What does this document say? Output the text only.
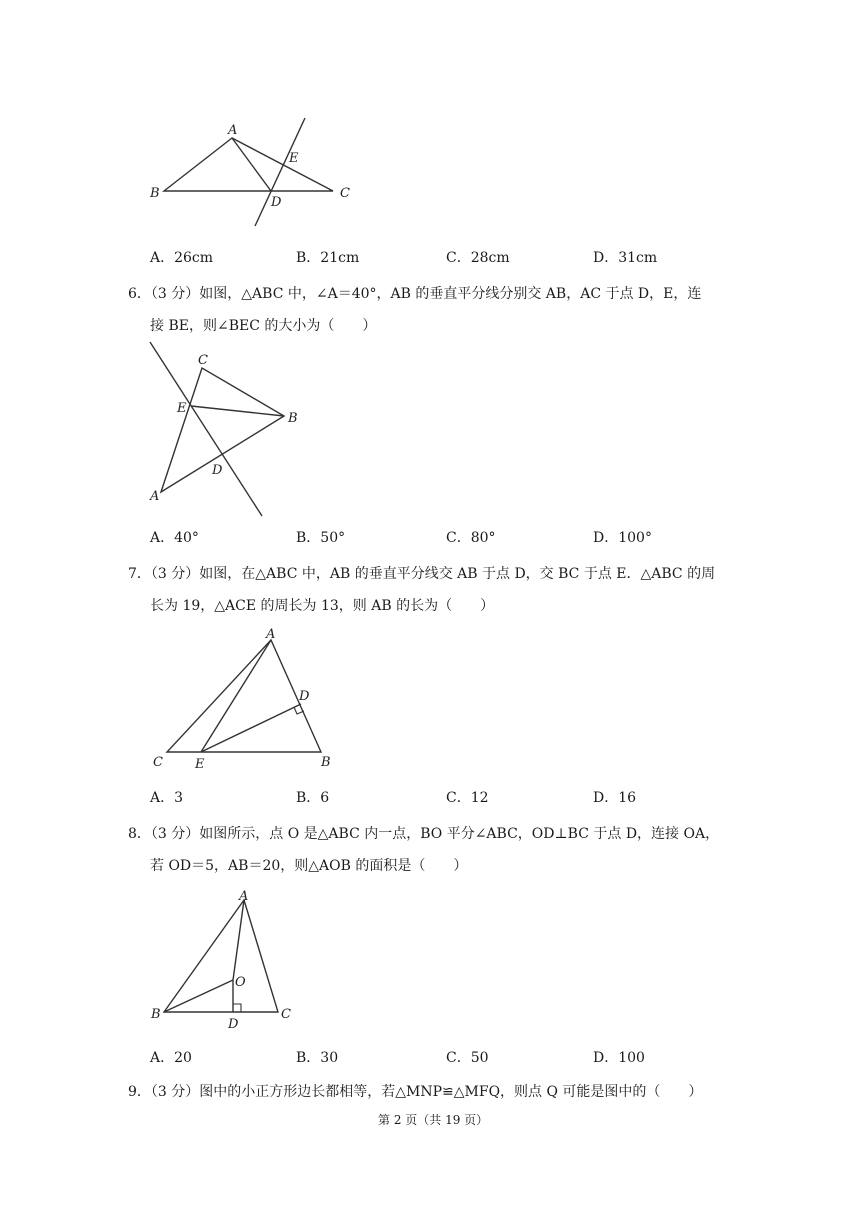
A
B	C
D
E
A．26cm	B．21cm	C．28cm	D．31cm
6．（3 分）如图，△ABC 中，∠A＝40°，AB 的垂直平分线分别交 AB，AC 于点 D，E，连
接 BE，则∠BEC 的大小为（　　）
C
E
B
D
A
A．40°	B．50°	C．80°	D．100°
7．（3 分）如图，在△ABC 中，AB 的垂直平分线交 AB 于点 D，交 BC 于点 E．△ABC 的周
长为 19，△ACE 的周长为 13，则 AB 的长为（　　）
A
D
C E	B
A．3	B．6	C．12	D．16
8．（3 分）如图所示，点 O 是△ABC 内一点，BO 平分∠ABC，OD⊥BC 于点 D，连接 OA，
若 OD＝5，AB＝20，则△AOB 的面积是（　　）
A
O
B
D
C
A．20	B．30	C．50	D．100
9．（3 分）图中的小正方形边长都相等，若△MNP≌△MFQ，则点 Q 可能是图中的（　　）
第 2 页（共 19 页）
